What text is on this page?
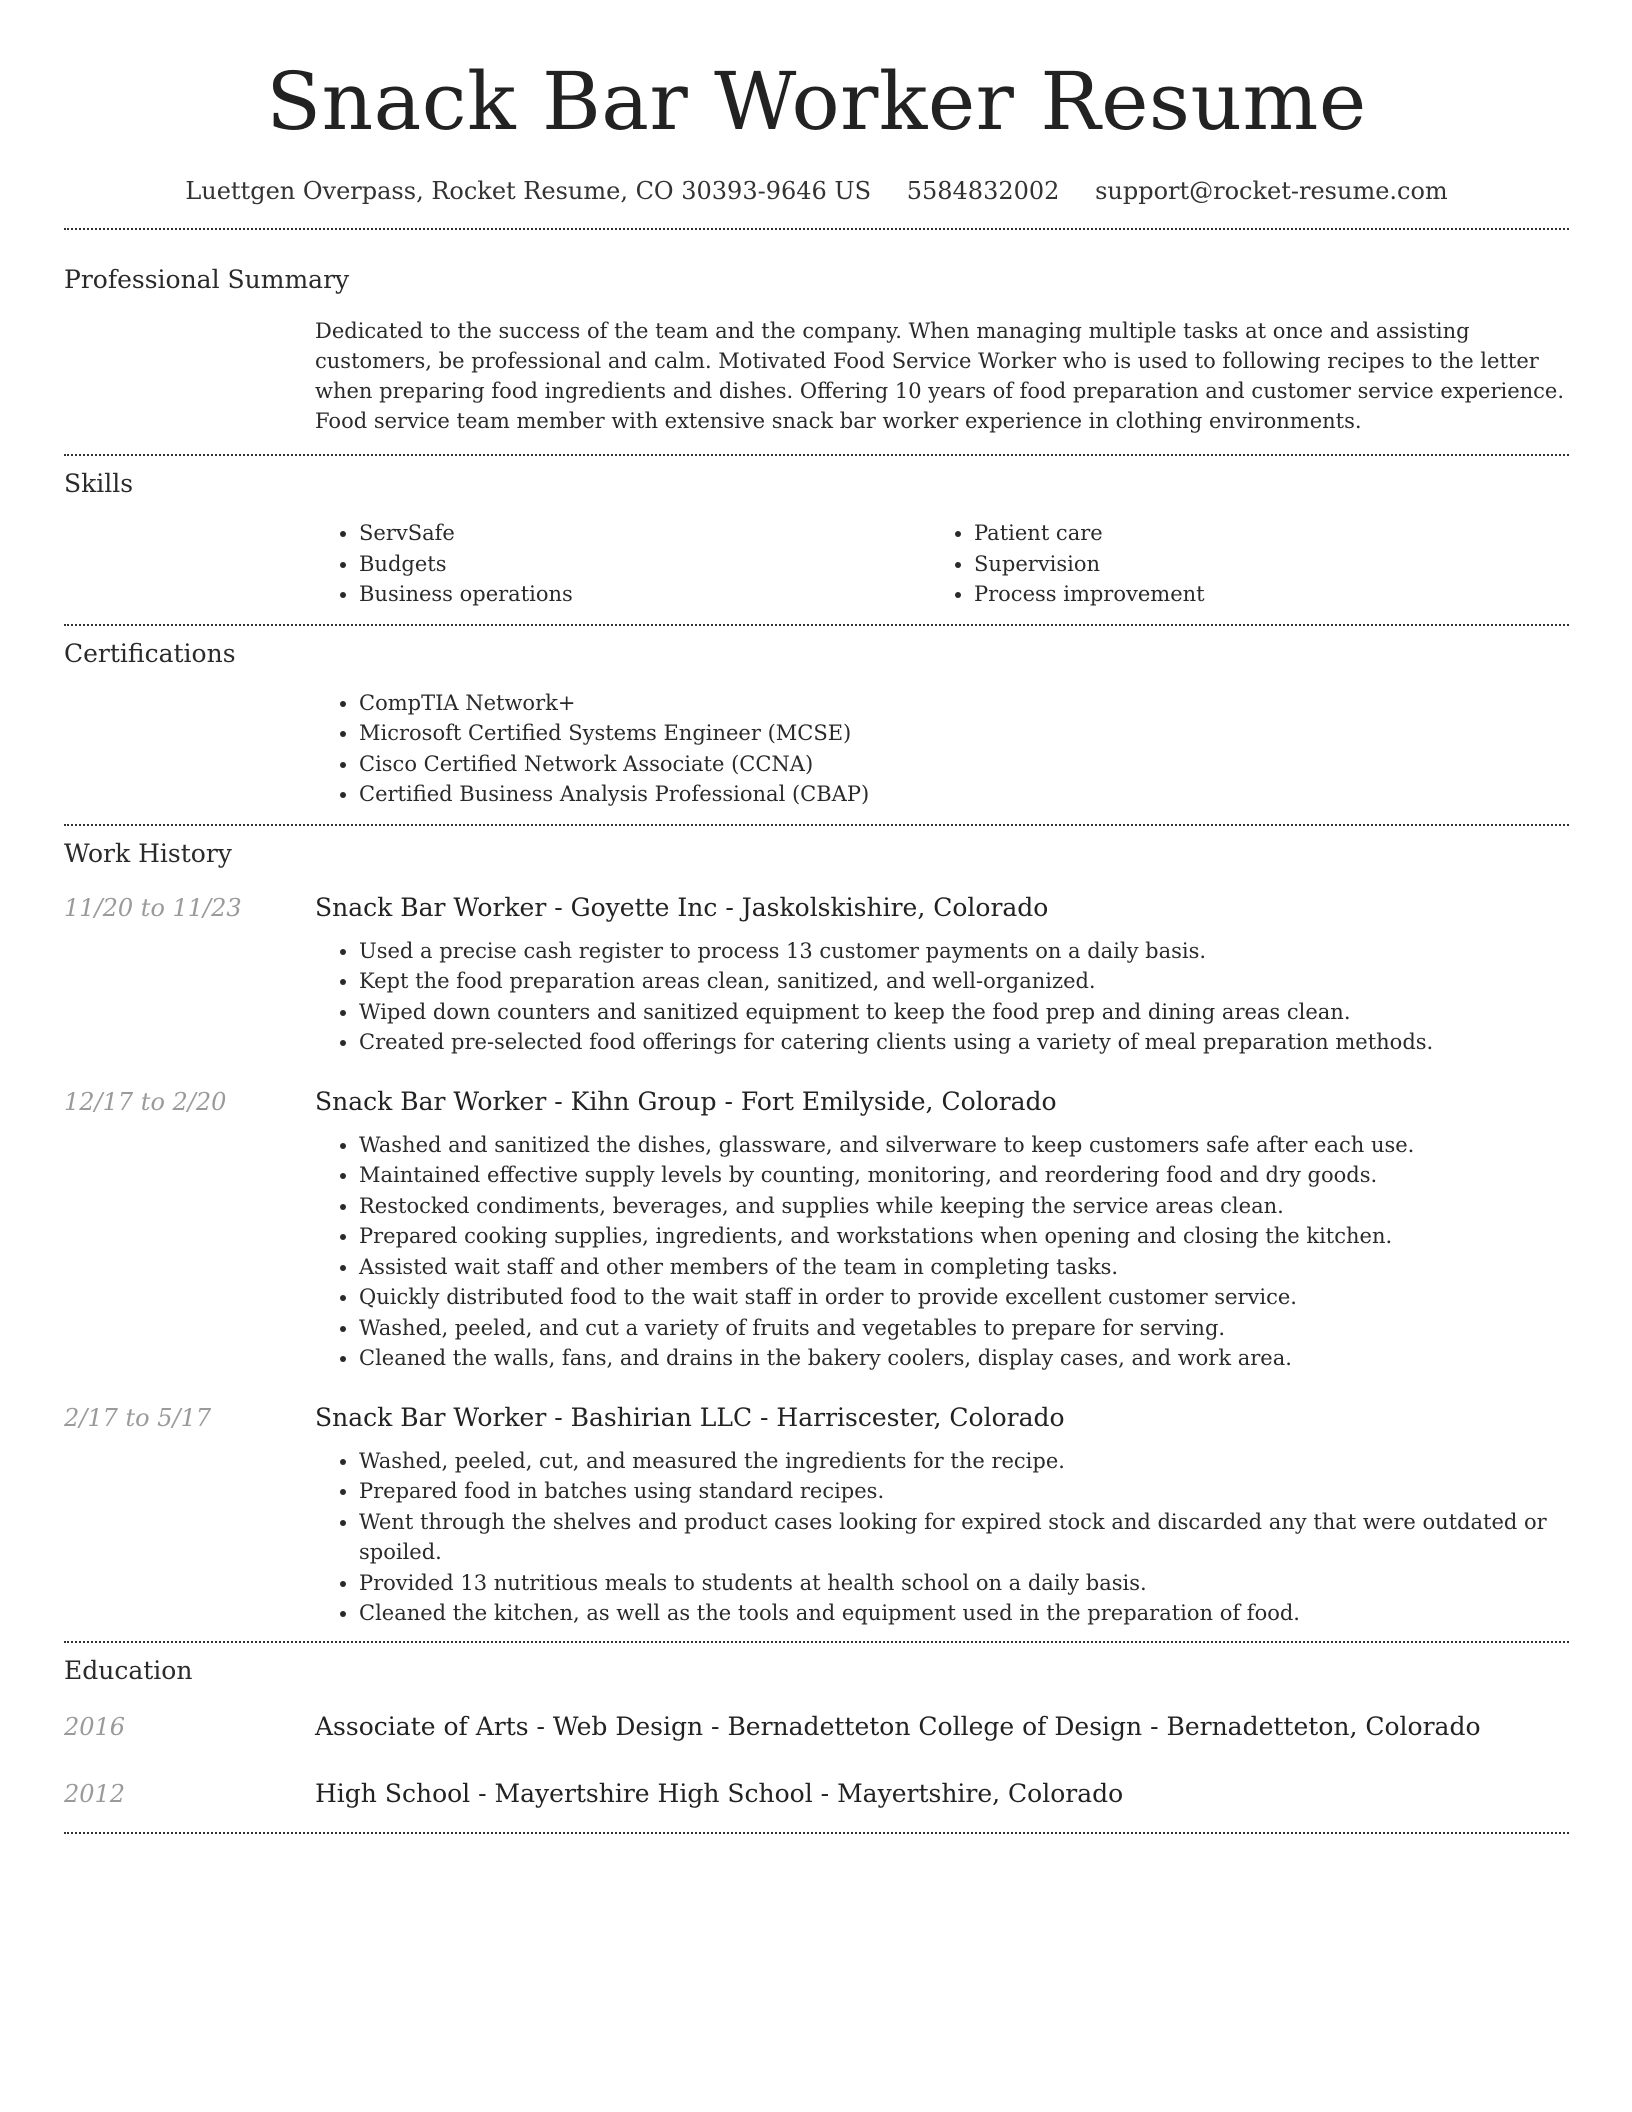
Snack Bar Worker Resume
Luettgen Overpass, Rocket Resume, CO 30393-9646 US 5584832002 support@rocket-resume.com
Professional Summary
Dedicated to the success of the team and the company. When managing multiple tasks at once and assisting customers, be professional and calm. Motivated Food Service Worker who is used to following recipes to the letter when preparing food ingredients and dishes. Offering 10 years of food preparation and customer service experience. Food service team member with extensive snack bar worker experience in clothing environments.
Skills
• ServSafe
• Budgets
• Business operations
• Patient care
• Supervision
• Process improvement
Certifications
• CompTIA Network+
• Microsoft Certified Systems Engineer (MCSE)
• Cisco Certified Network Associate (CCNA)
• Certified Business Analysis Professional (CBAP)
Work History
11/20 to 11/23	Snack Bar Worker - Goyette Inc - Jaskolskishire, Colorado
• Used a precise cash register to process 13 customer payments on a daily basis.
• Kept the food preparation areas clean, sanitized, and well-organized.
• Wiped down counters and sanitized equipment to keep the food prep and dining areas clean.
• Created pre-selected food offerings for catering clients using a variety of meal preparation methods.
12/17 to 2/20	Snack Bar Worker - Kihn Group - Fort Emilyside, Colorado
• Washed and sanitized the dishes, glassware, and silverware to keep customers safe after each use.
• Maintained effective supply levels by counting, monitoring, and reordering food and dry goods.
• Restocked condiments, beverages, and supplies while keeping the service areas clean.
• Prepared cooking supplies, ingredients, and workstations when opening and closing the kitchen.
• Assisted wait staff and other members of the team in completing tasks.
• Quickly distributed food to the wait staff in order to provide excellent customer service.
• Washed, peeled, and cut a variety of fruits and vegetables to prepare for serving.
• Cleaned the walls, fans, and drains in the bakery coolers, display cases, and work area.
2/17 to 5/17	Snack Bar Worker - Bashirian LLC - Harriscester, Colorado
• Washed, peeled, cut, and measured the ingredients for the recipe.
• Prepared food in batches using standard recipes.
• Went through the shelves and product cases looking for expired stock and discarded any that were outdated or spoiled.
• Provided 13 nutritious meals to students at health school on a daily basis.
• Cleaned the kitchen, as well as the tools and equipment used in the preparation of food.
Education
2016	Associate of Arts - Web Design - Bernadetteton College of Design - Bernadetteton, Colorado
2012	High School - Mayertshire High School - Mayertshire, Colorado
